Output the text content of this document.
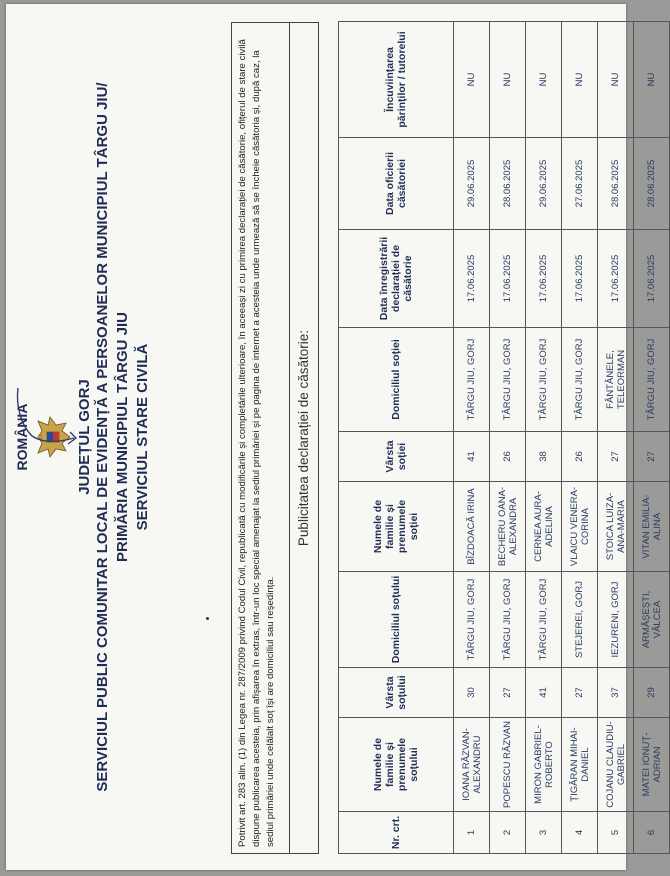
ROMÂNIA	JUDEȚUL GORJ SERVICIUL PUBLIC COMUNITAR LOCAL DE EVIDENȚĂ A PERSOANELOR MUNICIPIUL TÂRGU JIU/ PRIMĂRIA MUNICIPIUL TÂRGU JIU SERVICIUL STARE CIVILĂ	Potrivit art. 283 alin. (1) din Legea nr. 287/2009 privind Codul Civil, republicată cu modificările și completările ulterioare, în aceeași zi cu primirea declarației de căsătorie, ofițerul de stare civilă dispune publicarea acesteia, prin afișarea în extras, într-un loc special amenajat la sediul primăriei și pe pagina de internet a acesteia unde urmează să se încheie căsătoria și, după caz, la sediul primăriei unde celălalt soț își are domiciliul sau reședința.
Publicitatea declarației de căsătorie:
Nr. crt.	Numele de familie și prenumele soțului	Vârsta soțului	Domiciliul soțului	Numele de familie și prenumele soției	Vârsta soției	Domiciliul soției	Data înregistrării declarației de căsătorie	Data oficierii căsătoriei	Încuviințarea părinților / tutorelui
1	IOANA RĂZVAN-ALEXANDRU	30	TÂRGU JIU, GORJ	BÎZDOACĂ IRINA	41	TÂRGU JIU, GORJ	17.06.2025	29.06.2025	NU
2	POPESCU RĂZVAN	27	TÂRGU JIU, GORJ	BECHERU OANA-ALEXANDRA	26	TÂRGU JIU, GORJ	17.06.2025	28.06.2025	NU
3	MIRON GABRIEL-ROBERTO	41	TÂRGU JIU, GORJ	CERNEA AURA-ADELINA	38	TÂRGU JIU, GORJ	17.06.2025	29.06.2025	NU
4	ȚIGĂRAN MIHAI-DANIEL	27	STEJEREI, GORJ	VLAICU VENERA-CORINA	26	TÂRGU JIU, GORJ	17.06.2025	27.06.2025	NU
5	COJANU CLAUDIU-GABRIEL	37	IEZURENI, GORJ	STOICA LUIZA-ANA-MARIA	27	FÂNTÂNELE, TELEORMAN	17.06.2025	28.06.2025	NU
6	MATEI IONUȚ-ADRIAN	29	ARMĂȘEȘTI, VÂLCEA	VITAN EMILIA-ALINA	27	TÂRGU JIU, GORJ	17.06.2025	28.06.2025	NU
